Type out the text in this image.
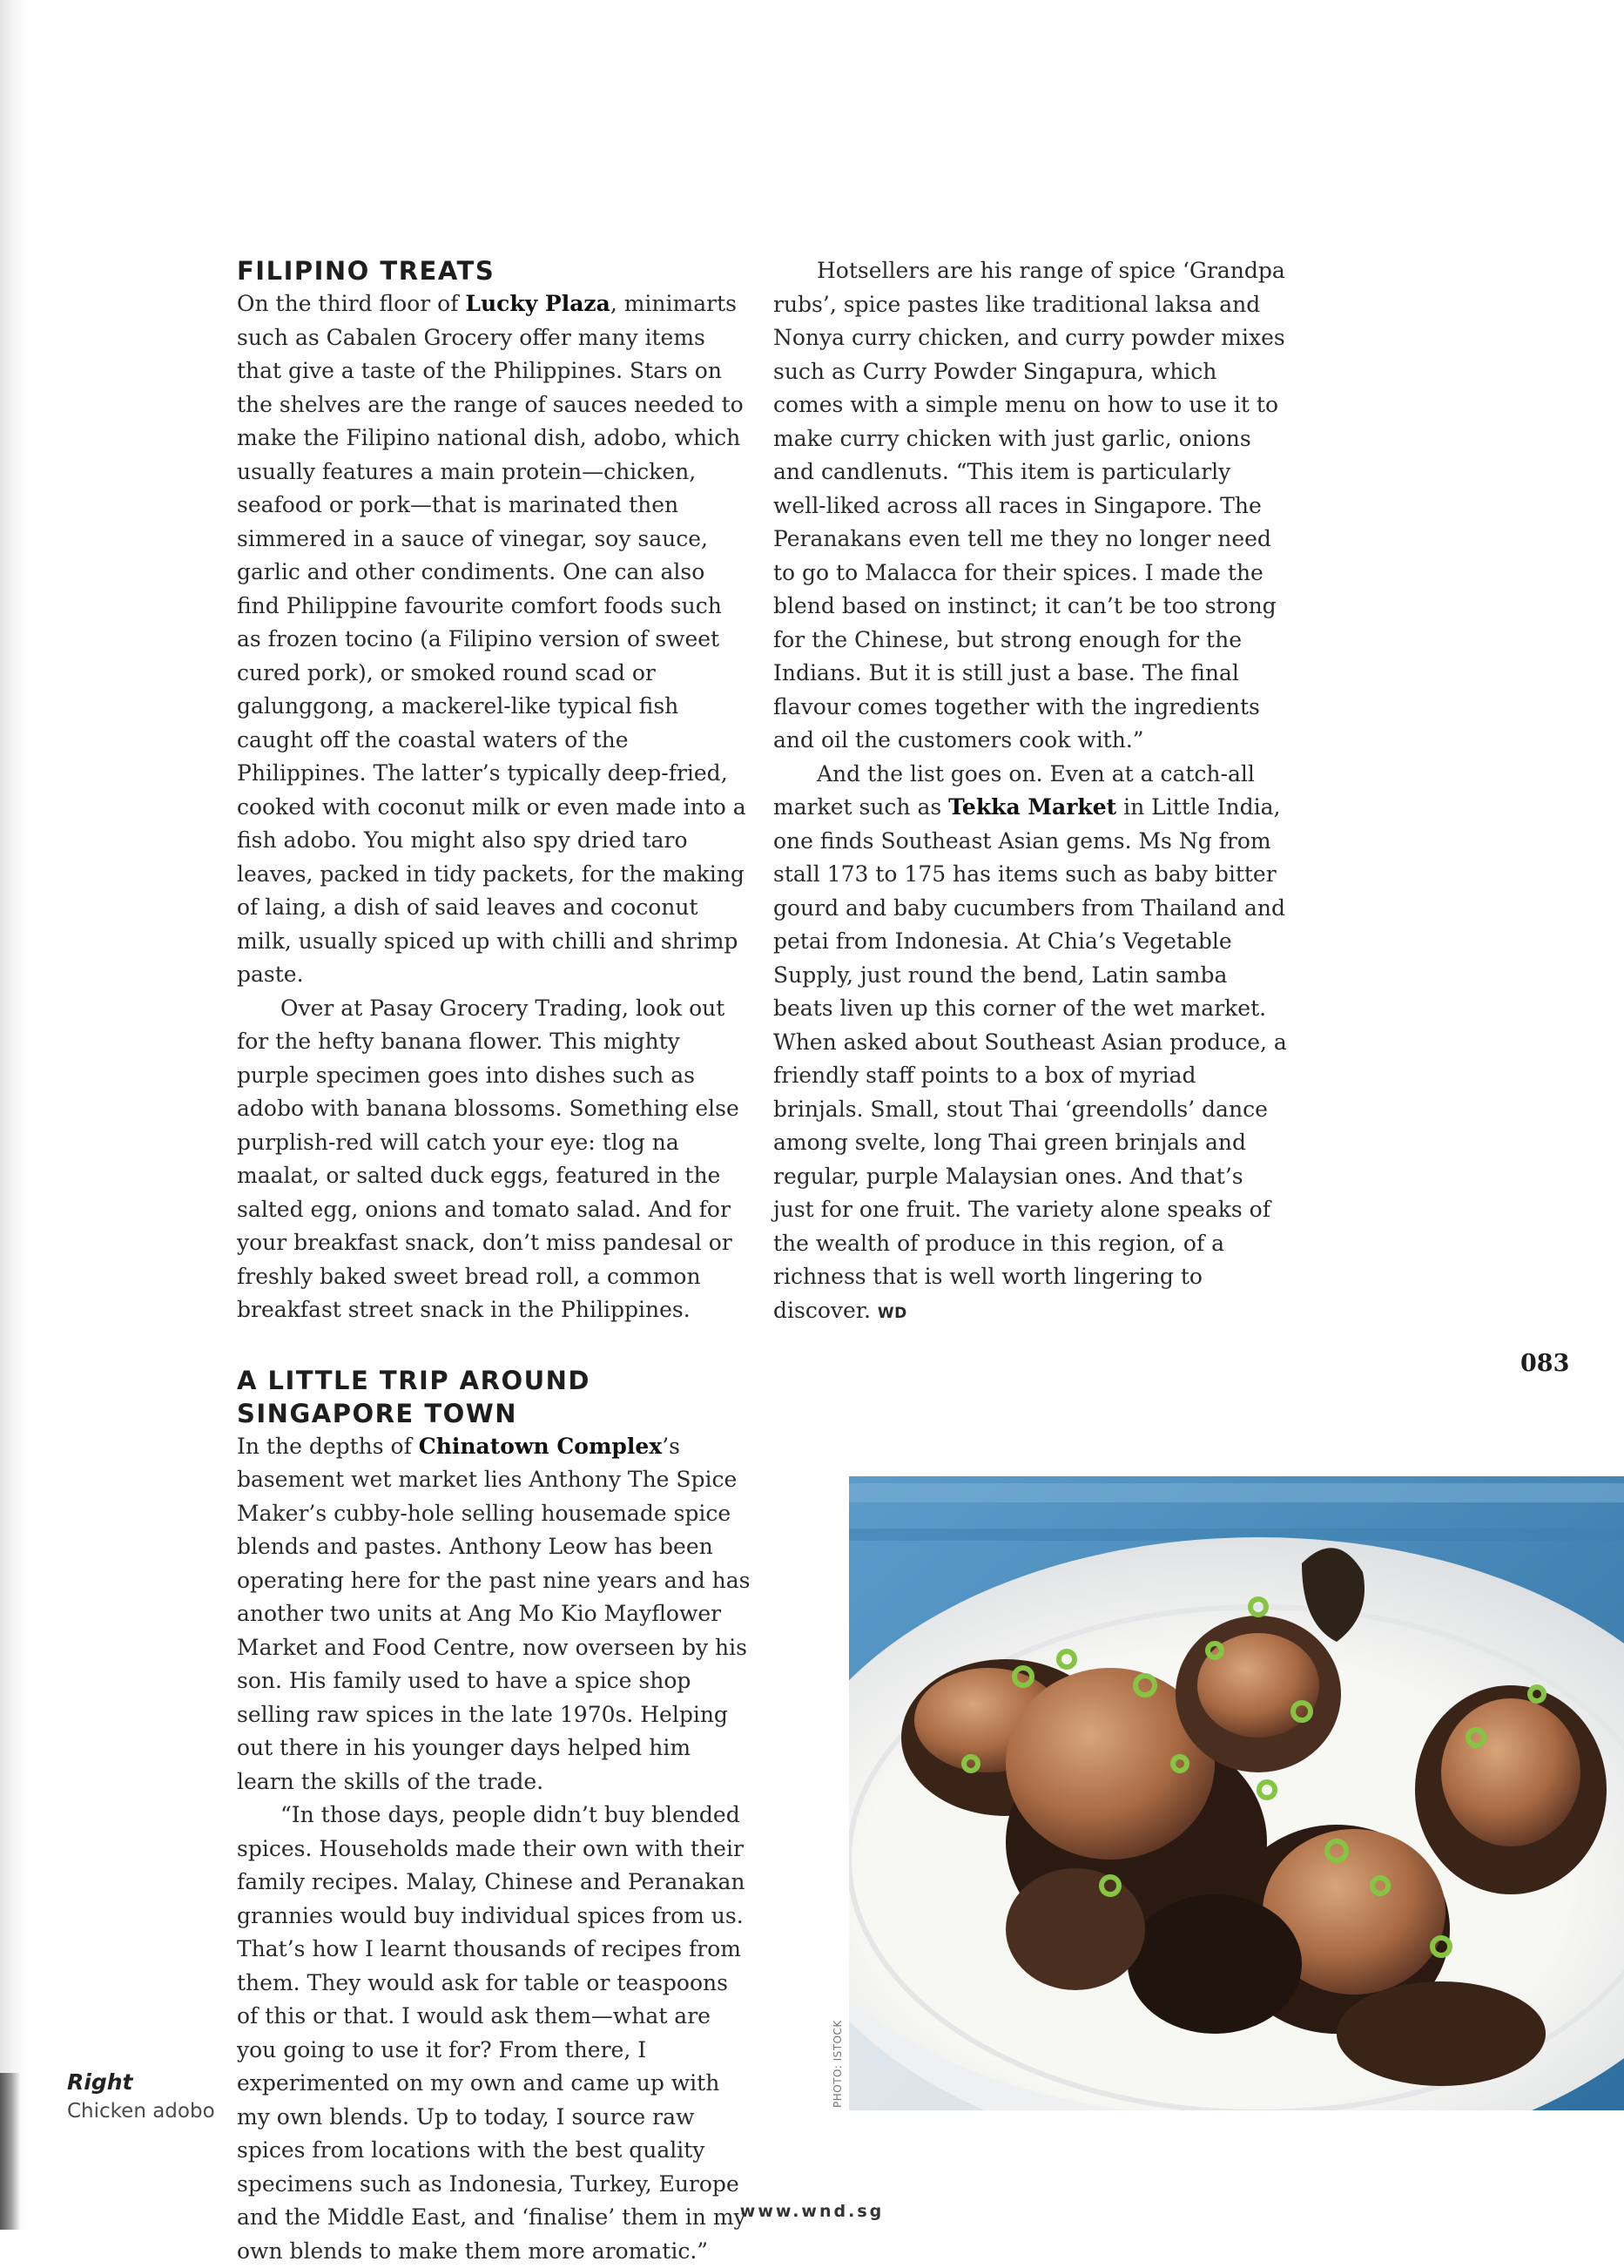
FILIPINO TREATS

On the third floor of Lucky Plaza, minimarts such as Cabalen Grocery offer many items that give a taste of the Philippines. Stars on the shelves are the range of sauces needed to make the Filipino national dish, adobo, which usually features a main protein—chicken, seafood or pork—that is marinated then simmered in a sauce of vinegar, soy sauce, garlic and other condiments. One can also find Philippine favourite comfort foods such as frozen tocino (a Filipino version of sweet cured pork), or smoked round scad or galunggong, a mackerel-like typical fish caught off the coastal waters of the Philippines. The latter’s typically deep-fried, cooked with coconut milk or even made into a fish adobo. You might also spy dried taro leaves, packed in tidy packets, for the making of laing, a dish of said leaves and coconut milk, usually spiced up with chilli and shrimp paste.

Over at Pasay Grocery Trading, look out for the hefty banana flower. This mighty purple specimen goes into dishes such as adobo with banana blossoms. Something else purplish-red will catch your eye: tlog na maalat, or salted duck eggs, featured in the salted egg, onions and tomato salad. And for your breakfast snack, don’t miss pandesal or freshly baked sweet bread roll, a common breakfast street snack in the Philippines.

A LITTLE TRIP AROUND
SINGAPORE TOWN

In the depths of Chinatown Complex’s basement wet market lies Anthony The Spice Maker’s cubby-hole selling housemade spice blends and pastes. Anthony Leow has been operating here for the past nine years and has another two units at Ang Mo Kio Mayflower Market and Food Centre, now overseen by his son. His family used to have a spice shop selling raw spices in the late 1970s. Helping out there in his younger days helped him learn the skills of the trade.

“In those days, people didn’t buy blended spices. Households made their own with their family recipes. Malay, Chinese and Peranakan grannies would buy individual spices from us. That’s how I learnt thousands of recipes from them. They would ask for table or teaspoons of this or that. I would ask them—what are you going to use it for? From there, I experimented on my own and came up with my own blends. Up to today, I source raw spices from locations with the best quality specimens such as Indonesia, Turkey, Europe and the Middle East, and ‘finalise’ them in my own blends to make them more aromatic.”

Hotsellers are his range of spice ‘Grandpa rubs’, spice pastes like traditional laksa and Nonya curry chicken, and curry powder mixes such as Curry Powder Singapura, which comes with a simple menu on how to use it to make curry chicken with just garlic, onions and candlenuts. “This item is particularly well-liked across all races in Singapore. The Peranakans even tell me they no longer need to go to Malacca for their spices. I made the blend based on instinct; it can’t be too strong for the Chinese, but strong enough for the Indians. But it is still just a base. The final flavour comes together with the ingredients and oil the customers cook with.”

And the list goes on. Even at a catch-all market such as Tekka Market in Little India, one finds Southeast Asian gems. Ms Ng from stall 173 to 175 has items such as baby bitter gourd and baby cucumbers from Thailand and petai from Indonesia. At Chia’s Vegetable Supply, just round the bend, Latin samba beats liven up this corner of the wet market. When asked about Southeast Asian produce, a friendly staff points to a box of myriad brinjals. Small, stout Thai ‘greendolls’ dance among svelte, long Thai green brinjals and regular, purple Malaysian ones. And that’s just for one fruit. The variety alone speaks of the wealth of produce in this region, of a richness that is well worth lingering to discover. WD

083

Right

Chicken adobo

PHOTO: ISTOCK

www.wnd.sg
